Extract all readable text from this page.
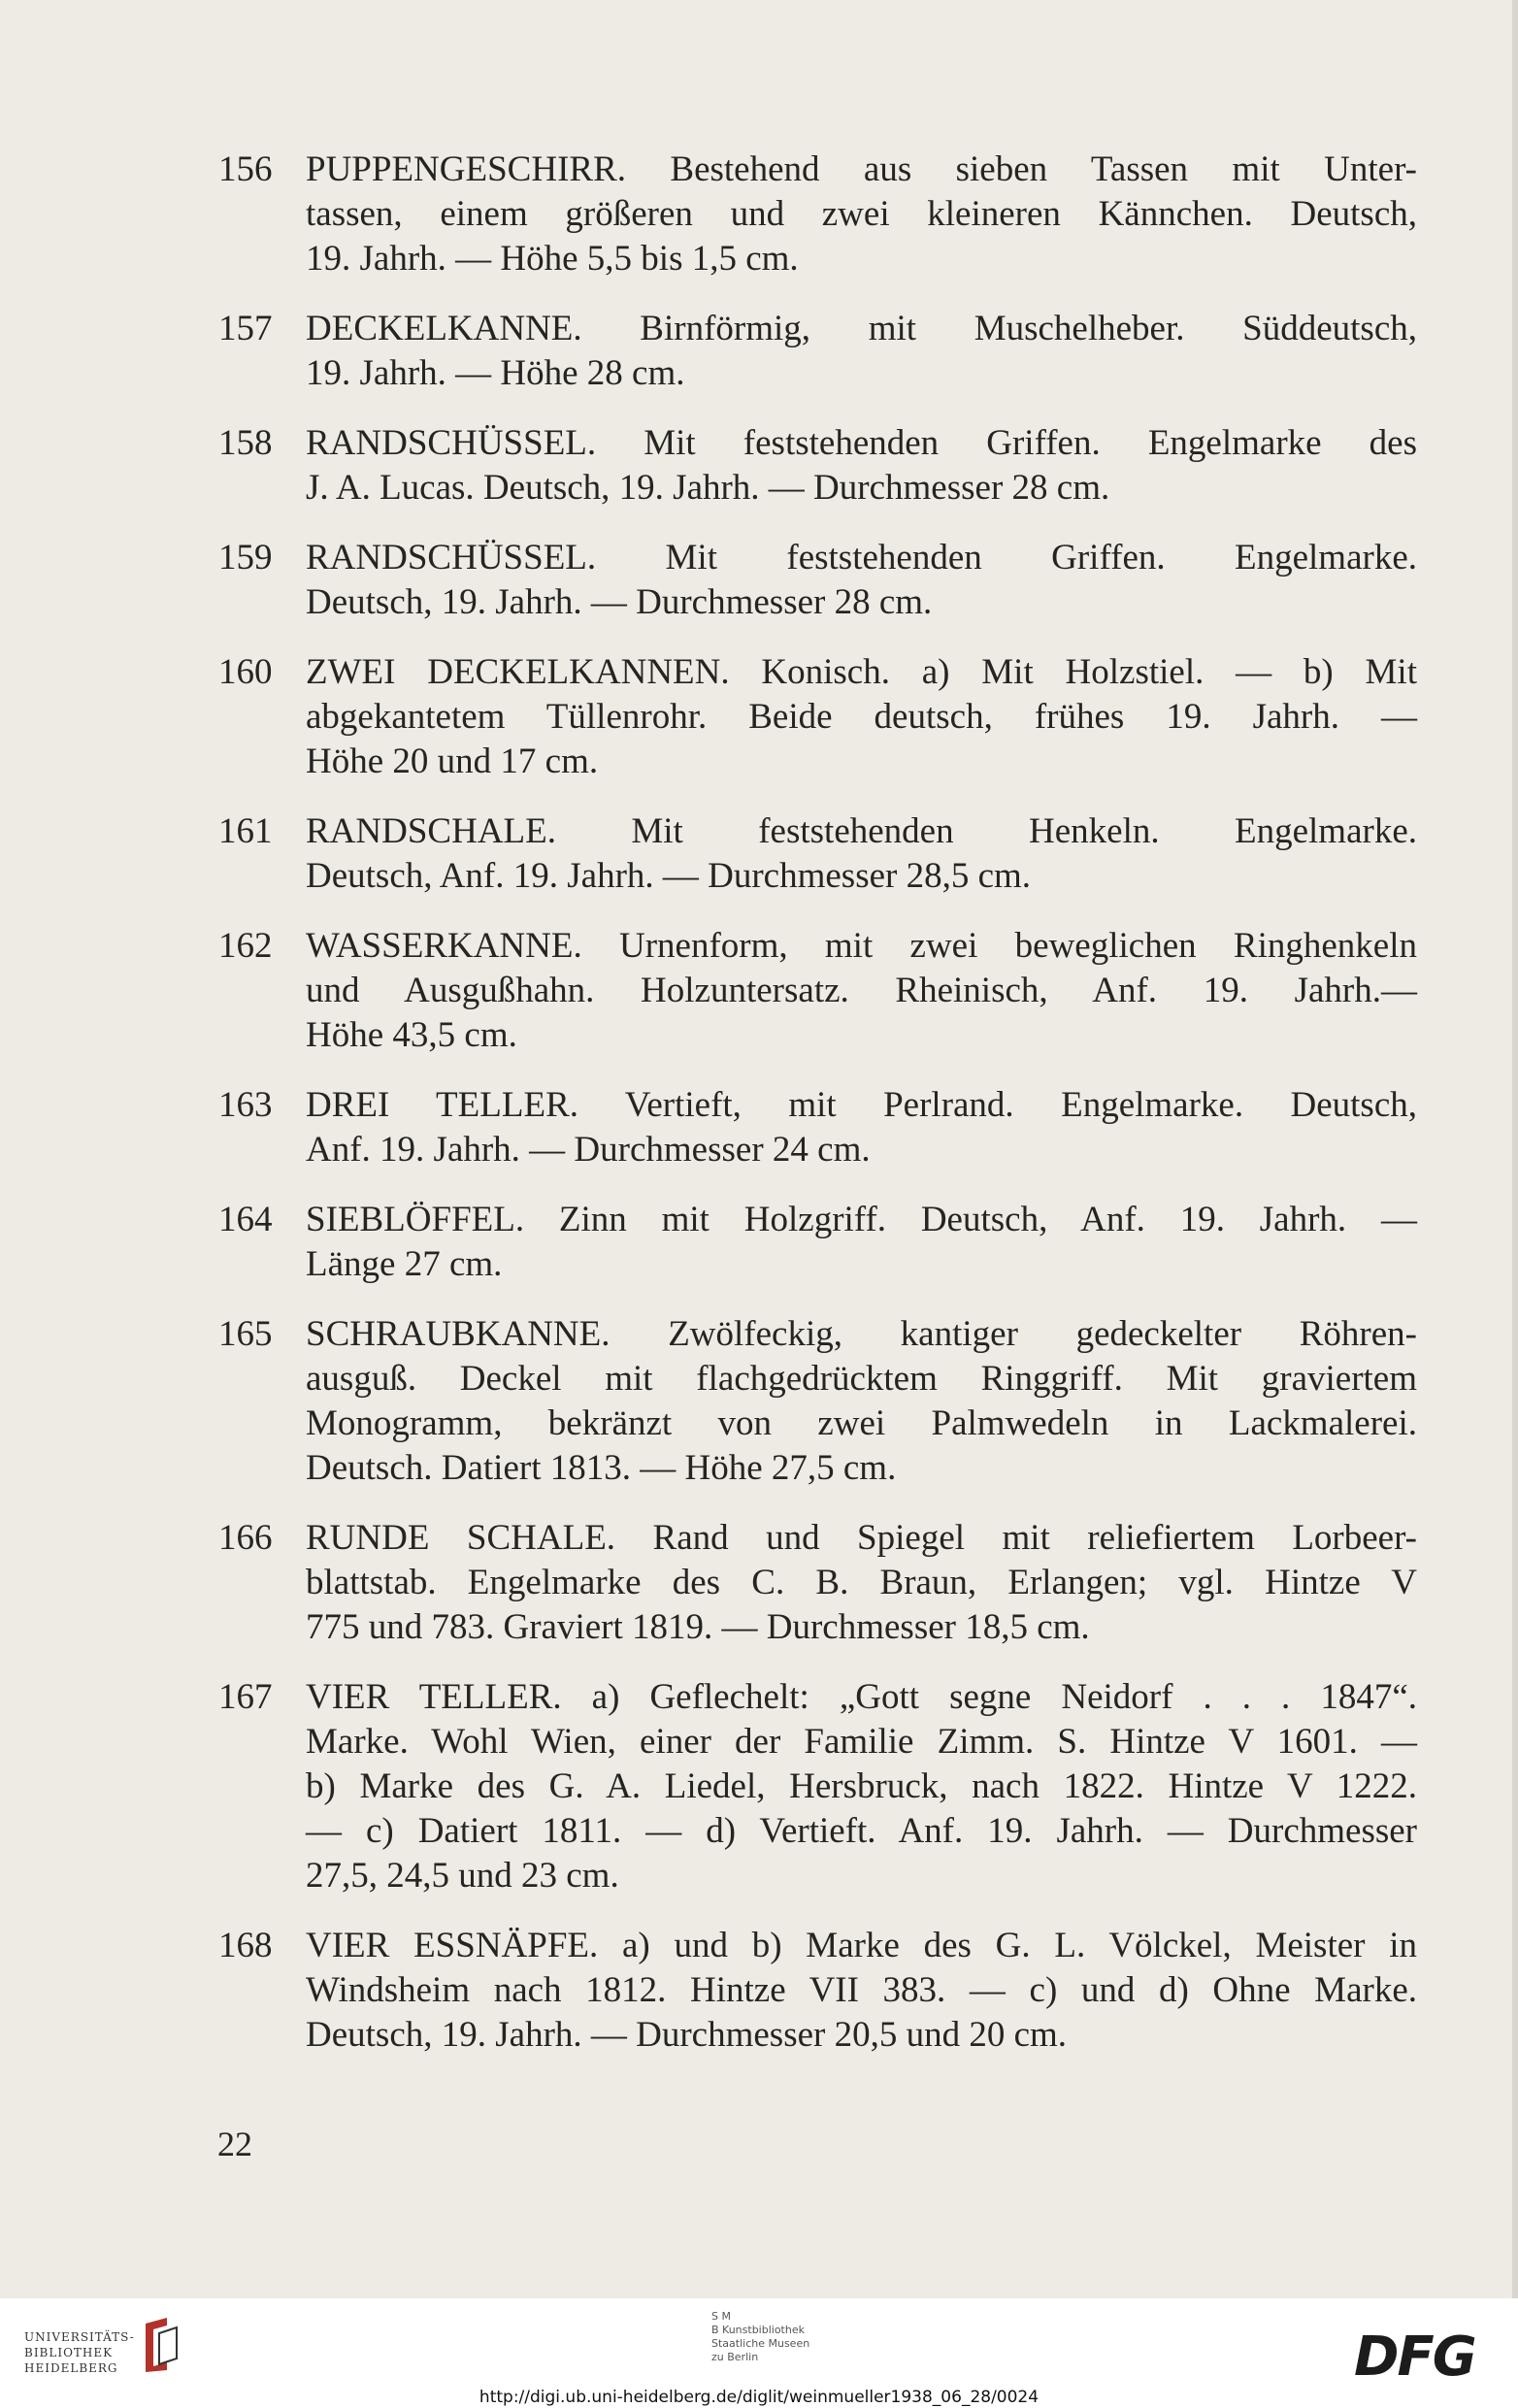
156 PUPPENGESCHIRR. Bestehend aus sieben Tassen mit Unter-
tassen, einem größeren und zwei kleineren Kännchen. Deutsch,
19. Jahrh. — Höhe 5,5 bis 1,5 cm.
157 DECKELKANNE. Birnförmig, mit Muschelheber. Süddeutsch,
19. Jahrh. — Höhe 28 cm.
158 RANDSCHÜSSEL. Mit feststehenden Griffen. Engelmarke des
J. A. Lucas. Deutsch, 19. Jahrh. — Durchmesser 28 cm.
159 RANDSCHÜSSEL. Mit feststehenden Griffen. Engelmarke.
Deutsch, 19. Jahrh. — Durchmesser 28 cm.
160 ZWEI DECKELKANNEN. Konisch. a) Mit Holzstiel. — b) Mit
abgekantetem Tüllenrohr. Beide deutsch, frühes 19. Jahrh. —
Höhe 20 und 17 cm.
161 RANDSCHALE. Mit feststehenden Henkeln. Engelmarke.
Deutsch, Anf. 19. Jahrh. — Durchmesser 28,5 cm.
162 WASSERKANNE. Urnenform, mit zwei beweglichen Ringhenkeln
und Ausgußhahn. Holzuntersatz. Rheinisch, Anf. 19. Jahrh.—
Höhe 43,5 cm.
163 DREI TELLER. Vertieft, mit Perlrand. Engelmarke. Deutsch,
Anf. 19. Jahrh. — Durchmesser 24 cm.
164 SIEBLÖFFEL. Zinn mit Holzgriff. Deutsch, Anf. 19. Jahrh. —
Länge 27 cm.
165 SCHRAUBKANNE. Zwölfeckig, kantiger gedeckelter Röhren-
ausguß. Deckel mit flachgedrücktem Ringgriff. Mit graviertem
Monogramm, bekränzt von zwei Palmwedeln in Lackmalerei.
Deutsch. Datiert 1813. — Höhe 27,5 cm.
166 RUNDE SCHALE. Rand und Spiegel mit reliefiertem Lorbeer-
blattstab. Engelmarke des C. B. Braun, Erlangen; vgl. Hintze V
775 und 783. Graviert 1819. — Durchmesser 18,5 cm.
167 VIER TELLER. a) Geflechelt: „Gott segne Neidorf . . . 1847“.
Marke. Wohl Wien, einer der Familie Zimm. S. Hintze V 1601. —
b) Marke des G. A. Liedel, Hersbruck, nach 1822. Hintze V 1222.
— c) Datiert 1811. — d) Vertieft. Anf. 19. Jahrh. — Durchmesser
27,5, 24,5 und 23 cm.
168 VIER ESSNÄPFE. a) und b) Marke des G. L. Völckel, Meister in
Windsheim nach 1812. Hintze VII 383. — c) und d) Ohne Marke.
Deutsch, 19. Jahrh. — Durchmesser 20,5 und 20 cm.
22
UNIVERSITÄTS-
BIBLIOTHEK
HEIDELBERG
S M
B Kunstbibliothek
Staatliche Museen
zu Berlin	DFG
http://digi.ub.uni-heidelberg.de/diglit/weinmueller1938_06_28/0024
